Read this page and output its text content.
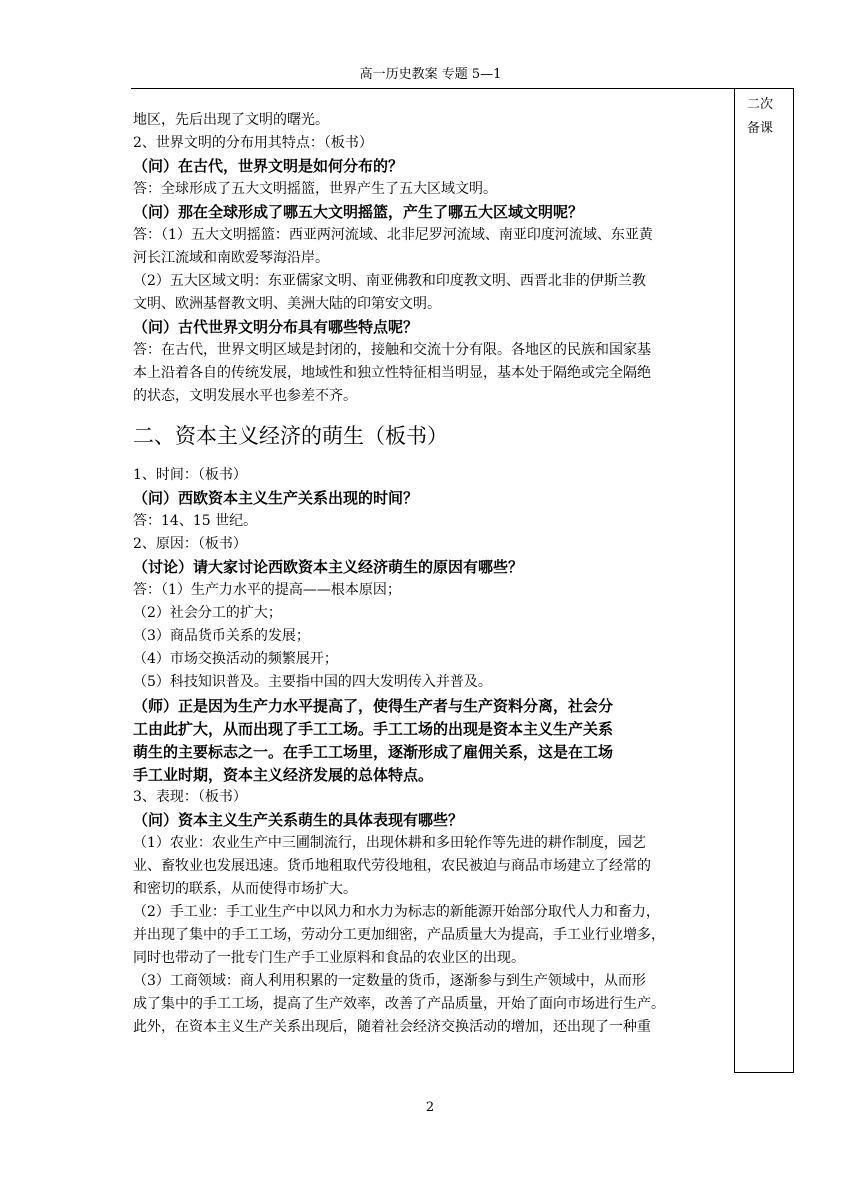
高一历史教案 专题 5—1
二次
备课
地区，先后出现了文明的曙光。
2、世界文明的分布用其特点：（板书）
（问）在古代，世界文明是如何分布的？
答：全球形成了五大文明摇篮，世界产生了五大区域文明。
（问）那在全球形成了哪五大文明摇篮，产生了哪五大区域文明呢？
答：（1）五大文明摇篮：西亚两河流域、北非尼罗河流域、南亚印度河流域、东亚黄
河长江流域和南欧爱琴海沿岸。
（2）五大区域文明：东亚儒家文明、南亚佛教和印度教文明、西晋北非的伊斯兰教
文明、欧洲基督教文明、美洲大陆的印第安文明。
（问）古代世界文明分布具有哪些特点呢？
答：在古代，世界文明区域是封闭的，接触和交流十分有限。各地区的民族和国家基
本上沿着各自的传统发展，地域性和独立性特征相当明显，基本处于隔绝或完全隔绝
的状态，文明发展水平也参差不齐。
二、资本主义经济的萌生（板书）
1、时间：（板书）
（问）西欧资本主义生产关系出现的时间？
答：14、15 世纪。
2、原因：（板书）
（讨论）请大家讨论西欧资本主义经济萌生的原因有哪些？
答：（1）生产力水平的提高——根本原因；
（2）社会分工的扩大；
（3）商品货币关系的发展；
（4）市场交换活动的频繁展开；
（5）科技知识普及。主要指中国的四大发明传入并普及。
（师）正是因为生产力水平提高了，使得生产者与生产资料分离，社会分
工由此扩大，从而出现了手工工场。手工工场的出现是资本主义生产关系
萌生的主要标志之一。在手工工场里，逐渐形成了雇佣关系，这是在工场
手工业时期，资本主义经济发展的总体特点。
3、表现：（板书）
（问）资本主义生产关系萌生的具体表现有哪些？
（1）农业：农业生产中三圃制流行，出现休耕和多田轮作等先进的耕作制度，园艺
业、畜牧业也发展迅速。货币地租取代劳役地租，农民被迫与商品市场建立了经常的
和密切的联系，从而使得市场扩大。
（2）手工业：手工业生产中以风力和水力为标志的新能源开始部分取代人力和畜力，
并出现了集中的手工工场，劳动分工更加细密，产品质量大为提高，手工业行业增多，
同时也带动了一批专门生产手工业原料和食品的农业区的出现。
（3）工商领域：商人利用积累的一定数量的货币，逐渐参与到生产领域中，从而形
成了集中的手工工场，提高了生产效率，改善了产品质量，开始了面向市场进行生产。
此外，在资本主义生产关系出现后，随着社会经济交换活动的增加，还出现了一种重
2
